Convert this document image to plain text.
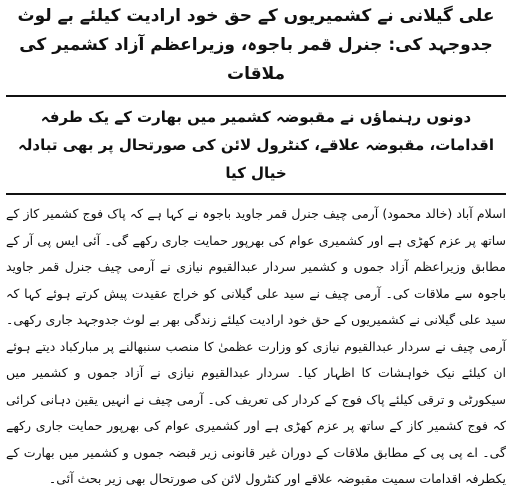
علی گیلانی نے کشمیریوں کے حق خود ارادیت کیلئے بے لوث جدوجہد کی: جنرل قمر باجوہ، وزیراعظم آزاد کشمیر کی ملاقات
دونوں رہنماؤں نے مقبوضہ کشمیر میں بھارت کے یک طرفہ اقدامات، مقبوضہ علاقے، کنٹرول لائن کی صورتحال پر بھی تبادلہ خیال کیا

اسلام آباد (خالد محمود) آرمی چیف جنرل قمر جاوید باجوہ نے کہا ہے کہ پاک فوج کشمیر کاز کے ساتھ پر عزم کھڑی ہے اور کشمیری عوام کی بھرپور حمایت جاری رکھے گی۔ آئی ایس پی آر کے مطابق وزیراعظم آزاد جموں و کشمیر سردار عبدالقیوم نیازی نے آرمی چیف جنرل قمر جاوید باجوہ سے ملاقات کی۔ آرمی چیف نے سید علی گیلانی کو خراج عقیدت پیش کرتے ہوئے کہا کہ سید علی گیلانی نے کشمیریوں کے حق خود ارادیت کیلئے زندگی بھر بے لوث جدوجہد جاری رکھی۔ آرمی چیف نے سردار عبدالقیوم نیازی کو وزارت عظمیٰ کا منصب سنبھالنے پر مبارکباد دیتے ہوئے ان کیلئے نیک خواہشات کا اظہار کیا۔ سردار عبدالقیوم نیازی نے آزاد جموں و کشمیر میں سیکورٹی و ترقی کیلئے پاک فوج کے کردار کی تعریف کی۔ آرمی چیف نے انہیں یقین دہانی کرائی کہ فوج کشمیر کاز کے ساتھ پر عزم کھڑی ہے اور کشمیری عوام کی بھرپور حمایت جاری رکھے گی۔ اے پی پی کے مطابق ملاقات کے دوران غیر قانونی زیر قبضہ جموں و کشمیر میں بھارت کے یکطرفہ اقدامات سمیت مقبوضہ علاقے اور کنٹرول لائن کی صورتحال بھی زیر بحث آئی۔
